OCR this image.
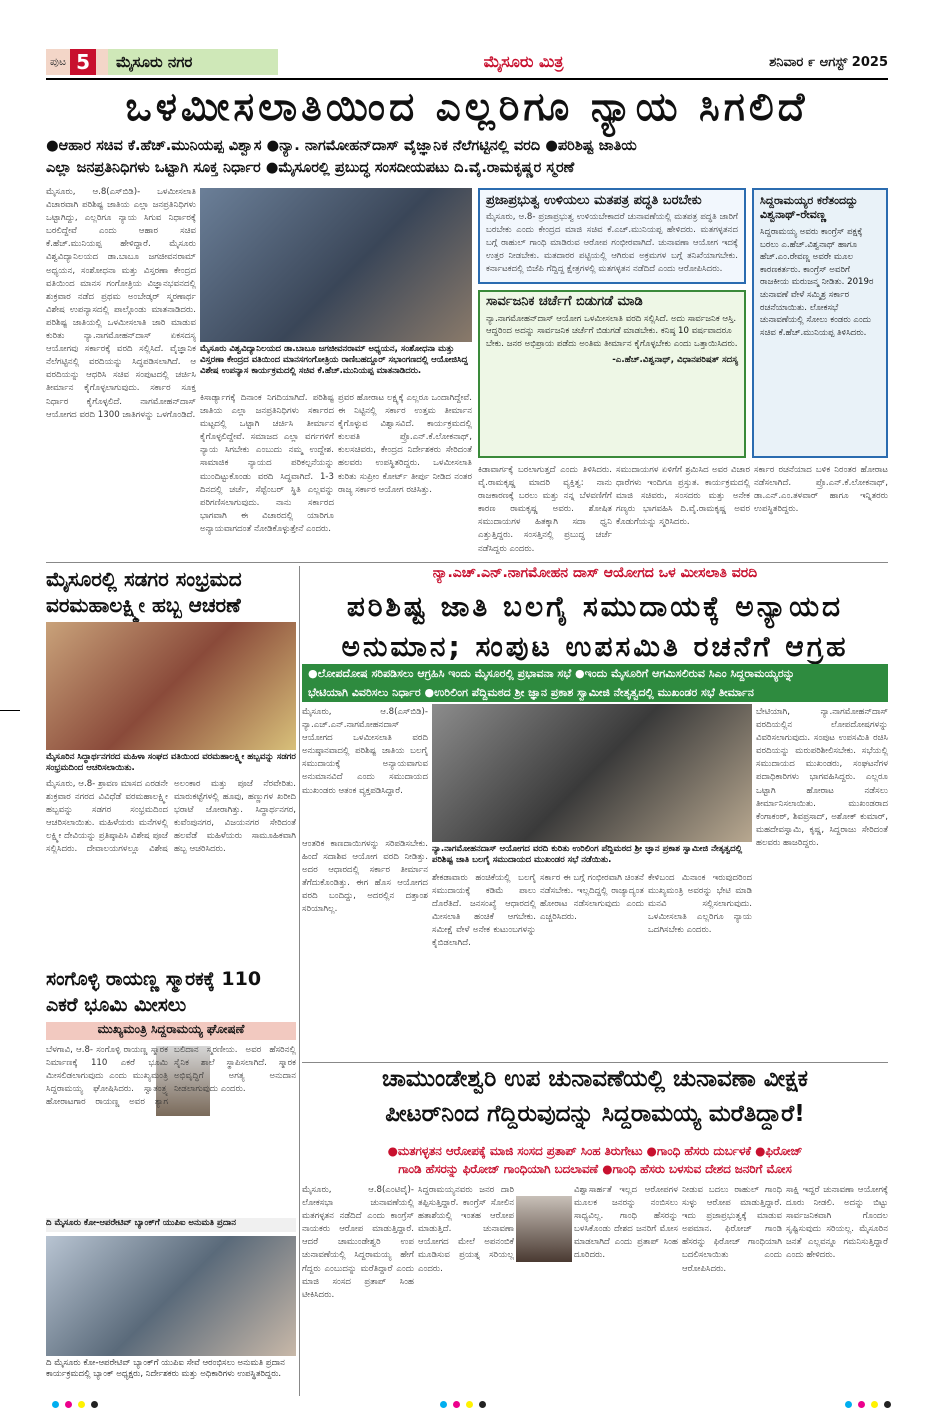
ಪುಟ 5	ಮೈಸೂರು ನಗರ	ಮೈಸೂರು ಮಿತ್ರ	ಶನಿವಾರ ೯ ಆಗಸ್ಟ್ 2025
ಒಳಮೀಸಲಾತಿಯಿಂದ ಎಲ್ಲರಿಗೂ ನ್ಯಾಯ ಸಿಗಲಿದೆ
●ಆಹಾರ ಸಚಿವ ಕೆ.ಹೆಚ್.ಮುನಿಯಪ್ಪ ವಿಶ್ವಾಸ ●ನ್ಯಾ. ನಾಗಮೋಹನ್‌ದಾಸ್ ವೈಜ್ಞಾನಿಕ ನೆಲೆಗಟ್ಟಿನಲ್ಲಿ ವರದಿ ●ಪರಿಶಿಷ್ಟ ಜಾತಿಯ
ಎಲ್ಲಾ ಜನಪ್ರತಿನಿಧಿಗಳು ಒಟ್ಟಾಗಿ ಸೂಕ್ತ ನಿರ್ಧಾರ ●ಮೈಸೂರಲ್ಲಿ ಪ್ರಬುದ್ಧ ಸಂಸದೀಯಪಟು ದಿ.ವೈ.ರಾಮಕೃಷ್ಣರ ಸ್ಮರಣೆ
ಮೈಸೂರು, ಆ.8(ಎಸ್‌ಬಿಡಿ)- ಒಳಮೀಸಲಾತಿ ವಿಚಾರವಾಗಿ ಪರಿಶಿಷ್ಟ ಜಾತಿಯ ಎಲ್ಲಾ ಜನಪ್ರತಿನಿಧಿಗಳು ಒಟ್ಟಾಗಿದ್ದು, ಎಲ್ಲರಿಗೂ ನ್ಯಾಯ ಸಿಗುವ ನಿರ್ಧಾರಕ್ಕೆ ಬರಲಿದ್ದೇವೆ ಎಂದು ಆಹಾರ ಸಚಿವ ಕೆ.ಹೆಚ್.ಮುನಿಯಪ್ಪ ಹೇಳಿದ್ದಾರೆ. ಮೈಸೂರು ವಿಶ್ವವಿದ್ಯಾನಿಲಯದ ಡಾ.ಬಾಬೂ ಜಗಜೀವನರಾಮ್ ಅಧ್ಯಯನ, ಸಂಶೋಧನಾ ಮತ್ತು ವಿಸ್ತರಣಾ ಕೇಂದ್ರದ ವತಿಯಿಂದ ಮಾನಸ ಗಂಗೋತ್ರಿಯ ವಿಜ್ಞಾನಭವನದಲ್ಲಿ ಶುಕ್ರವಾರ ನಡೆದ ಪ್ರಥಮ ಅಂಬೇಡ್ಕರ್ ಸ್ಮರಣಾರ್ಥ ವಿಶೇಷ ಉಪನ್ಯಾಸದಲ್ಲಿ ಪಾಲ್ಗೊಂಡು ಮಾತನಾಡಿದರು. ಪರಿಶಿಷ್ಟ ಜಾತಿಯಲ್ಲಿ ಒಳಮೀಸಲಾತಿ ಜಾರಿ ಮಾಡುವ ಕುರಿತು ನ್ಯಾ.ನಾಗಮೋಹನ್‌ದಾಸ್ ಏಕಸದಸ್ಯ ಆಯೋಗವು ಸರ್ಕಾರಕ್ಕೆ ವರದಿ ಸಲ್ಲಿಸಿದೆ. ವೈಜ್ಞಾನಿಕ ನೆಲೆಗಟ್ಟಿನಲ್ಲಿ ವರದಿಯನ್ನು ಸಿದ್ಧಪಡಿಸಲಾಗಿದೆ. ಆ ವರದಿಯನ್ನು ಆಧರಿಸಿ ಸಚಿವ ಸಂಪುಟದಲ್ಲಿ ಚರ್ಚಿಸಿ ತೀರ್ಮಾನ ಕೈಗೊಳ್ಳಲಾಗುವುದು. ಸರ್ಕಾರ ಸೂಕ್ತ ನಿರ್ಧಾರ ಕೈಗೊಳ್ಳಲಿದೆ. ನಾಗಮೋಹನ್‌ದಾಸ್ ಆಯೋಗದ ವರದಿ 1300 ಜಾತಿಗಳನ್ನು ಒಳಗೊಂಡಿದೆ.
ಮೈಸೂರು ವಿಶ್ವವಿದ್ಯಾನಿಲಯದ ಡಾ.ಬಾಬೂ ಜಗಜೀವನರಾಮ್ ಅಧ್ಯಯನ, ಸಂಶೋಧನಾ ಮತ್ತು ವಿಸ್ತರಣಾ ಕೇಂದ್ರದ ವತಿಯಿಂದ ಮಾನಸಗಂಗೋತ್ರಿಯ ರಾಣಿಬಹದ್ದೂರ್ ಸಭಾಂಗಣದಲ್ಲಿ ಆಯೋಜಿಸಿದ್ದ ವಿಶೇಷ ಉಪನ್ಯಾಸ ಕಾರ್ಯಕ್ರಮದಲ್ಲಿ ಸಚಿವ ಕೆ.ಹೆಚ್.ಮುನಿಯಪ್ಪ ಮಾತನಾಡಿದರು.
ಕಿಸಾರ್ಡ್ಯಾಗಕ್ಕೆ ದಿನಾಂಕ ನಿಗದಿಯಾಗಿದೆ. ಪರಿಶಿಷ್ಟ ಜಾತಿಯ ಎಲ್ಲಾ ಜನಪ್ರತಿನಿಧಿಗಳು ಸರ್ಕಾರದ ಮಟ್ಟದಲ್ಲಿ ಒಟ್ಟಾಗಿ ಚರ್ಚಿಸಿ ತೀರ್ಮಾನ ಕೈಗೊಳ್ಳಲಿದ್ದೇವೆ. ಸಮಾಜದ ಎಲ್ಲಾ ವರ್ಗಗಳಿಗೆ ನ್ಯಾಯ ಸಿಗಬೇಕು ಎಂಬುದು ನಮ್ಮ ಉದ್ದೇಶ. ಸಾಮಾಜಿಕ ನ್ಯಾಯದ ಪರಿಕಲ್ಪನೆಯನ್ನು ಮುಂದಿಟ್ಟುಕೊಂಡು ವರದಿ ಸಿದ್ಧವಾಗಿದೆ. 1-3 ದಿನದಲ್ಲಿ ಚರ್ಚೆ, ಸೆಪ್ಟೆಂಬರ್ ಸ್ಥಿತಿ ಎಲ್ಲವನ್ನು ಪರಿಗಣಿಸಲಾಗುವುದು. ನಾನು ಸರ್ಕಾರದ ಭಾಗವಾಗಿ ಈ ವಿಚಾರದಲ್ಲಿ ಯಾರಿಗೂ ಅನ್ಯಾಯವಾಗದಂತೆ ನೋಡಿಕೊಳ್ಳುತ್ತೇನೆ ಎಂದರು.
ಪ್ರವರ ಹೋರಾಟ ಲಕ್ಷ್ಯಕ್ಕೆ ಎಲ್ಲರೂ ಒಂದಾಗಿದ್ದೇವೆ. ಈ ನಿಟ್ಟಿನಲ್ಲಿ ಸರ್ಕಾರ ಉತ್ತಮ ತೀರ್ಮಾನ ಕೈಗೊಳ್ಳುವ ವಿಶ್ವಾಸವಿದೆ. ಕಾರ್ಯಕ್ರಮದಲ್ಲಿ ಕುಲಪತಿ ಪ್ರೊ.ಎನ್.ಕೆ.ಲೋಕನಾಥ್, ಕುಲಸಚಿವರು, ಕೇಂದ್ರದ ನಿರ್ದೇಶಕರು ಸೇರಿದಂತೆ ಹಲವರು ಉಪಸ್ಥಿತರಿದ್ದರು. ಒಳಮೀಸಲಾತಿ ಕುರಿತು ಸುಪ್ರೀಂ ಕೋರ್ಟ್ ತೀರ್ಪು ನೀಡಿದ ನಂತರ ರಾಜ್ಯ ಸರ್ಕಾರ ಆಯೋಗ ರಚಿಸಿತ್ತು.
ಪ್ರಜಾಪ್ರಭುತ್ವ ಉಳಿಯಲು ಮತಪತ್ರ ಪದ್ಧತಿ ಬರಬೇಕು
ಮೈಸೂರು, ಆ.8- ಪ್ರಜಾಪ್ರಭುತ್ವ ಉಳಿಯಬೇಕಾದರೆ ಚುನಾವಣೆಯಲ್ಲಿ ಮತಪತ್ರ ಪದ್ಧತಿ ಜಾರಿಗೆ ಬರಬೇಕು ಎಂದು ಕೇಂದ್ರದ ಮಾಜಿ ಸಚಿವ ಕೆ.ಎಚ್.ಮುನಿಯಪ್ಪ ಹೇಳಿದರು. ಮತಗಳ್ಳತನದ ಬಗ್ಗೆ ರಾಹುಲ್ ಗಾಂಧಿ ಮಾಡಿರುವ ಆರೋಪ ಗಂಭೀರವಾಗಿದೆ. ಚುನಾವಣಾ ಆಯೋಗ ಇದಕ್ಕೆ ಉತ್ತರ ನೀಡಬೇಕು. ಮತದಾರರ ಪಟ್ಟಿಯಲ್ಲಿ ಆಗಿರುವ ಅಕ್ರಮಗಳ ಬಗ್ಗೆ ತನಿಖೆಯಾಗಬೇಕು. ಕರ್ನಾಟಕದಲ್ಲಿ ಬಿಜೆಪಿ ಗೆದ್ದಿದ್ದ ಕ್ಷೇತ್ರಗಳಲ್ಲಿ ಮತಗಳ್ಳತನ ನಡೆದಿದೆ ಎಂದು ಆರೋಪಿಸಿದರು.
ಸಾರ್ವಜನಿಕ ಚರ್ಚೆಗೆ ಬಿಡುಗಡೆ ಮಾಡಿ
ನ್ಯಾ.ನಾಗಮೋಹನ್‌ದಾಸ್ ಆಯೋಗ ಒಳಮೀಸಲಾತಿ ವರದಿ ಸಲ್ಲಿಸಿದೆ. ಅದು ಸಾರ್ವಜನಿಕ ಆಸ್ತಿ. ಆದ್ದರಿಂದ ಅದನ್ನು ಸಾರ್ವಜನಿಕ ಚರ್ಚೆಗೆ ಬಿಡುಗಡೆ ಮಾಡಬೇಕು. ಕನಿಷ್ಠ 10 ವರ್ಷವಾದರೂ ಬೇಕು. ಜನರ ಅಭಿಪ್ರಾಯ ಪಡೆದು ಅಂತಿಮ ತೀರ್ಮಾನ ಕೈಗೊಳ್ಳಬೇಕು ಎಂದು ಒತ್ತಾಯಿಸಿದರು.
-ಎ.ಹೆಚ್.ವಿಶ್ವನಾಥ್, ವಿಧಾನಪರಿಷತ್ ಸದಸ್ಯ
ಸಿದ್ದರಾಮಯ್ಯರ ಕರೆತಂದದ್ದು ವಿಶ್ವನಾಥ್-ರೇವಣ್ಣ
ಸಿದ್ದರಾಮಯ್ಯ ಅವರು ಕಾಂಗ್ರೆಸ್ ಪಕ್ಷಕ್ಕೆ ಬರಲು ಎ.ಹೆಚ್.ವಿಶ್ವನಾಥ್ ಹಾಗೂ ಹೆಚ್.ಎಂ.ರೇವಣ್ಣ ಅವರೇ ಮೂಲ ಕಾರಣಕರ್ತರು. ಕಾಂಗ್ರೆಸ್ ಅವರಿಗೆ ರಾಜಕೀಯ ಮರುಜನ್ಮ ನೀಡಿತು. 2019ರ ಚುನಾವಣೆ ವೇಳೆ ಸಮ್ಮಿಶ್ರ ಸರ್ಕಾರ ರಚನೆಯಾಯಿತು. ಲೋಕಸಭೆ ಚುನಾವಣೆಯಲ್ಲಿ ಸೋಲು ಕಂಡರು ಎಂದು ಸಚಿವ ಕೆ.ಹೆಚ್.ಮುನಿಯಪ್ಪ ತಿಳಿಸಿದರು.
ಕಿಡಾವಾರ್ಗಕ್ಕೆ ಬರಲಾಗುತ್ತದೆ ಎಂದು ತಿಳಿಸಿದರು. ವೈ.ರಾಮಕೃಷ್ಣ ಮಾದರಿ ವ್ಯಕ್ತಿತ್ವ: ನಾನು ರಾಜಕಾರಣಕ್ಕೆ ಬರಲು ಮತ್ತು ನನ್ನ ಬೆಳವಣಿಗೆಗೆ ಕಾರಣ ರಾಮಕೃಷ್ಣ ಅವರು. ಶೋಷಿತ ಸಮುದಾಯಗಳ ಹಿತಕ್ಕಾಗಿ ಸದಾ ಧ್ವನಿ ಎತ್ತುತ್ತಿದ್ದರು. ಸಂಸತ್ತಿನಲ್ಲಿ ಪ್ರಬುದ್ಧ ಚರ್ಚೆ ನಡೆಸಿದ್ದರು ಎಂದರು.
ಸಮುದಾಯಗಳ ಏಳಿಗೆಗೆ ಶ್ರಮಿಸಿದ ಅವರ ವಿಚಾರ ಧಾರೆಗಳು ಇಂದಿಗೂ ಪ್ರಸ್ತುತ. ಕಾರ್ಯಕ್ರಮದಲ್ಲಿ ಮಾಜಿ ಸಚಿವರು, ಸಂಸದರು ಮತ್ತು ಅನೇಕ ಗಣ್ಯರು ಭಾಗವಹಿಸಿ ದಿ.ವೈ.ರಾಮಕೃಷ್ಣ ಅವರ ಕೊಡುಗೆಯನ್ನು ಸ್ಮರಿಸಿದರು.
ಸರ್ಕಾರ ರಚನೆಯಾದ ಬಳಿಕ ನಿರಂತರ ಹೋರಾಟ ನಡೆಸಲಾಗಿದೆ. ಪ್ರೊ.ಎನ್.ಕೆ.ಲೋಕನಾಥ್, ಡಾ.ಎನ್.ಎಂ.ತಳವಾರ್ ಹಾಗೂ ಇನ್ನಿತರರು ಉಪಸ್ಥಿತರಿದ್ದರು.
ಮೈಸೂರಲ್ಲಿ ಸಡಗರ ಸಂಭ್ರಮದ ವರಮಹಾಲಕ್ಷ್ಮೀ ಹಬ್ಬ ಆಚರಣೆ
ಮೈಸೂರಿನ ಸಿದ್ಧಾರ್ಥನಗರದ ಮಹಿಳಾ ಸಂಘದ ವತಿಯಿಂದ ವರಮಹಾಲಕ್ಷ್ಮೀ ಹಬ್ಬವನ್ನು ಸಡಗರ ಸಂಭ್ರಮದಿಂದ ಆಚರಿಸಲಾಯಿತು.
ಮೈಸೂರು, ಆ.8- ಶ್ರಾವಣ ಮಾಸದ ಎರಡನೇ ಶುಕ್ರವಾರ ನಗರದ ವಿವಿಧೆಡೆ ವರಮಹಾಲಕ್ಷ್ಮೀ ಹಬ್ಬವನ್ನು ಸಡಗರ ಸಂಭ್ರಮದಿಂದ ಆಚರಿಸಲಾಯಿತು. ಮಹಿಳೆಯರು ಮನೆಗಳಲ್ಲಿ ಲಕ್ಷ್ಮೀ ದೇವಿಯನ್ನು ಪ್ರತಿಷ್ಠಾಪಿಸಿ ವಿಶೇಷ ಪೂಜೆ ಸಲ್ಲಿಸಿದರು. ದೇವಾಲಯಗಳಲ್ಲೂ ವಿಶೇಷ ಅಲಂಕಾರ ಮತ್ತು ಪೂಜೆ ನೆರವೇರಿತು. ಮಾರುಕಟ್ಟೆಗಳಲ್ಲಿ ಹೂವು, ಹಣ್ಣುಗಳ ಖರೀದಿ ಭರಾಟೆ ಜೋರಾಗಿತ್ತು. ಸಿದ್ಧಾರ್ಥನಗರ, ಕುವೆಂಪುನಗರ, ವಿಜಯನಗರ ಸೇರಿದಂತೆ ಹಲವೆಡೆ ಮಹಿಳೆಯರು ಸಾಮೂಹಿಕವಾಗಿ ಹಬ್ಬ ಆಚರಿಸಿದರು.
ಸಂಗೊಳ್ಳಿ ರಾಯಣ್ಣ ಸ್ಮಾರಕಕ್ಕೆ 110 ಎಕರೆ ಭೂಮಿ ಮೀಸಲು
ಮುಖ್ಯಮಂತ್ರಿ ಸಿದ್ದರಾಮಯ್ಯ ಘೋಷಣೆ
ಬೆಳಗಾವಿ, ಆ.8- ಸಂಗೊಳ್ಳಿ ರಾಯಣ್ಣ ಸ್ಮಾರಕ ನಿರ್ಮಾಣಕ್ಕೆ 110 ಎಕರೆ ಭೂಮಿ ಮೀಸಲಿಡಲಾಗುವುದು ಎಂದು ಮುಖ್ಯಮಂತ್ರಿ ಸಿದ್ದರಾಮಯ್ಯ ಘೋಷಿಸಿದರು. ಸ್ವಾತಂತ್ರ್ಯ ಹೋರಾಟಗಾರ ರಾಯಣ್ಣ ಅವರ ತ್ಯಾಗ ಬಲಿದಾನ ಸ್ಮರಣೀಯ. ಅವರ ಹೆಸರಿನಲ್ಲಿ ಸೈನಿಕ ಶಾಲೆ ಸ್ಥಾಪಿಸಲಾಗಿದೆ. ಸ್ಮಾರಕ ಅಭಿವೃದ್ಧಿಗೆ ಅಗತ್ಯ ಅನುದಾನ ನೀಡಲಾಗುವುದು ಎಂದರು.
ದಿ ಮೈಸೂರು ಕೋ-ಆಪರೇಟಿವ್ ಬ್ಯಾಂಕ್‌ಗೆ ಯುಪಿಐ ಅನುಮತಿ ಪ್ರದಾನ
ದಿ ಮೈಸೂರು ಕೋ-ಆಪರೇಟಿವ್ ಬ್ಯಾಂಕ್‌ಗೆ ಯುಪಿಐ ಸೇವೆ ಆರಂಭಿಸಲು ಅನುಮತಿ ಪ್ರದಾನ ಕಾರ್ಯಕ್ರಮದಲ್ಲಿ ಬ್ಯಾಂಕ್ ಅಧ್ಯಕ್ಷರು, ನಿರ್ದೇಶಕರು ಮತ್ತು ಅಧಿಕಾರಿಗಳು ಉಪಸ್ಥಿತರಿದ್ದರು.
ನ್ಯಾ.ಎಚ್.ಎನ್.ನಾಗಮೋಹನ ದಾಸ್ ಆಯೋಗದ ಒಳ ಮೀಸಲಾತಿ ವರದಿ
ಪರಿಶಿಷ್ಟ ಜಾತಿ ಬಲಗೈ ಸಮುದಾಯಕ್ಕೆ ಅನ್ಯಾಯದ
ಅನುಮಾನ; ಸಂಪುಟ ಉಪಸಮಿತಿ ರಚನೆಗೆ ಆಗ್ರಹ
●ಲೋಪದೋಷ ಸರಿಪಡಿಸಲು ಆಗ್ರಹಿಸಿ ಇಂದು ಮೈಸೂರಲ್ಲಿ ಪ್ರಭಾವನಾ ಸಭೆ ●ಇಂದು ಮೈಸೂರಿಗೆ ಆಗಮಿಸಲಿರುವ ಸಿಎಂ ಸಿದ್ದರಾಮಯ್ಯರನ್ನು
ಭೇಟಿಯಾಗಿ ವಿವರಿಸಲು ನಿರ್ಧಾರ ●ಉರಿಲಿಂಗ ಪೆದ್ದಿಮಠದ ಶ್ರೀ ಜ್ಞಾನ ಪ್ರಕಾಶ ಸ್ವಾಮೀಜಿ ನೇತೃತ್ವದಲ್ಲಿ ಮುಖಂಡರ ಸಭೆ ತೀರ್ಮಾನ
ಮೈಸೂರು, ಆ.8(ಎಸ್‌ಬಿಡಿ)- ನ್ಯಾ.ಎಚ್.ಎನ್.ನಾಗಮೋಹನದಾಸ್ ಆಯೋಗದ ಒಳಮೀಸಲಾತಿ ವರದಿ ಅನುಷ್ಠಾನವಾದಲ್ಲಿ ಪರಿಶಿಷ್ಟ ಜಾತಿಯ ಬಲಗೈ ಸಮುದಾಯಕ್ಕೆ ಅನ್ಯಾಯವಾಗುವ ಅನುಮಾನವಿದೆ ಎಂದು ಸಮುದಾಯದ ಮುಖಂಡರು ಆತಂಕ ವ್ಯಕ್ತಪಡಿಸಿದ್ದಾರೆ.
ನ್ಯಾ.ನಾಗಮೋಹನದಾಸ್ ಆಯೋಗದ ವರದಿ ಕುರಿತು ಉರಿಲಿಂಗ ಪೆದ್ದಿಮಠದ ಶ್ರೀ ಜ್ಞಾನ ಪ್ರಕಾಶ ಸ್ವಾಮೀಜಿ ನೇತೃತ್ವದಲ್ಲಿ ಪರಿಶಿಷ್ಟ ಜಾತಿ ಬಲಗೈ ಸಮುದಾಯದ ಮುಖಂಡರ ಸಭೆ ನಡೆಯಿತು.
ಬೇಟಿಯಾಗಿ, ನ್ಯಾ.ನಾಗಮೋಹನ್‌ದಾಸ್ ವರದಿಯಲ್ಲಿನ ಲೋಪದೋಷಗಳನ್ನು ವಿವರಿಸಲಾಗುವುದು. ಸಂಪುಟ ಉಪಸಮಿತಿ ರಚಿಸಿ ವರದಿಯನ್ನು ಮರುಪರಿಶೀಲಿಸಬೇಕು. ಸಭೆಯಲ್ಲಿ ಸಮುದಾಯದ ಮುಖಂಡರು, ಸಂಘಟನೆಗಳ ಪದಾಧಿಕಾರಿಗಳು ಭಾಗವಹಿಸಿದ್ದರು. ಎಲ್ಲರೂ ಒಟ್ಟಾಗಿ ಹೋರಾಟ ನಡೆಸಲು ತೀರ್ಮಾನಿಸಲಾಯಿತು. ಮುಖಂಡರಾದ ಕೆಂಗಾಕಂಠ್, ಶಿವಪ್ರಸಾದ್, ಅಶೋಕ್ ಕುಮಾರ್, ಮಹದೇವಸ್ವಾಮಿ, ಕೃಷ್ಣ, ಸಿದ್ದರಾಜು ಸೇರಿದಂತೆ ಹಲವರು ಹಾಜರಿದ್ದರು.
ಆಂತರಿಕ ಕಾಣದಾಯಿಗಳನ್ನು ಸರಿಪಡಿಸಬೇಕು. ಹಿಂದೆ ಸದಾಶಿವ ಆಯೋಗ ವರದಿ ನೀಡಿತ್ತು. ಅದರ ಆಧಾರದಲ್ಲಿ ಸರ್ಕಾರ ತೀರ್ಮಾನ ತೆಗೆದುಕೊಂಡಿತ್ತು. ಈಗ ಹೊಸ ಆಯೋಗದ ವರದಿ ಬಂದಿದ್ದು, ಅದರಲ್ಲಿನ ದತ್ತಾಂಶ ಸರಿಯಾಗಿಲ್ಲ.
ಶೇಕಡಾವಾರು ಹಂಚಿಕೆಯಲ್ಲಿ ಬಲಗೈ ಸಮುದಾಯಕ್ಕೆ ಕಡಿಮೆ ಪಾಲು ದೊರೆತಿದೆ. ಜನಸಂಖ್ಯೆ ಆಧಾರದಲ್ಲಿ ಮೀಸಲಾತಿ ಹಂಚಿಕೆ ಆಗಬೇಕು. ಸಮೀಕ್ಷೆ ವೇಳೆ ಅನೇಕ ಕುಟುಂಬಗಳನ್ನು ಕೈಬಿಡಲಾಗಿದೆ.
ಸರ್ಕಾರ ಈ ಬಗ್ಗೆ ಗಂಭೀರವಾಗಿ ಚಿಂತನೆ ನಡೆಸಬೇಕು. ಇಲ್ಲದಿದ್ದಲ್ಲಿ ರಾಜ್ಯಾದ್ಯಂತ ಹೋರಾಟ ನಡೆಸಲಾಗುವುದು ಎಂದು ಎಚ್ಚರಿಸಿದರು.
ಕೇಳಿಬಂದ ಮಿನಾಂಕ ಇರುವುದರಿಂದ ಮುಖ್ಯಮಂತ್ರಿ ಅವರನ್ನು ಭೇಟಿ ಮಾಡಿ ಮನವಿ ಸಲ್ಲಿಸಲಾಗುವುದು. ಒಳಮೀಸಲಾತಿ ಎಲ್ಲರಿಗೂ ನ್ಯಾಯ ಒದಗಿಸಬೇಕು ಎಂದರು.
ಚಾಮುಂಡೇಶ್ವರಿ ಉಪ ಚುನಾವಣೆಯಲ್ಲಿ ಚುನಾವಣಾ ವೀಕ್ಷಕ
ಪೀಟರ್‌ನಿಂದ ಗೆದ್ದಿರುವುದನ್ನು ಸಿದ್ದರಾಮಯ್ಯ ಮರೆತಿದ್ದಾರೆ!
●ಮತಗಳ್ಳತನ ಆರೋಪಕ್ಕೆ ಮಾಜಿ ಸಂಸದ ಪ್ರತಾಪ್ ಸಿಂಹ ತಿರುಗೇಟು ●ಗಾಂಧಿ ಹೆಸರು ದುರ್ಬಳಕೆ ●ಫಿರೋಜ್
ಗಾಂಡಿ ಹೆಸರನ್ನು ಫಿರೋಜ್ ಗಾಂಧಿಯಾಗಿ ಬದಲಾವಣೆ ●ಗಾಂಧಿ ಹೆಸರು ಬಳಸುವ ದೇಶದ ಜನರಿಗೆ ಮೋಸ
ಮೈಸೂರು, ಆ.8(ಎಂಟಿವೈ)- ಲೋಕಸಭಾ ಚುನಾವಣೆಯಲ್ಲಿ ಮತಗಳ್ಳತನ ನಡೆದಿದೆ ಎಂದು ಕಾಂಗ್ರೆಸ್ ನಾಯಕರು ಆರೋಪ ಮಾಡುತ್ತಿದ್ದಾರೆ. ಆದರೆ ಚಾಮುಂಡೇಶ್ವರಿ ಉಪ ಚುನಾವಣೆಯಲ್ಲಿ ಸಿದ್ದರಾಮಯ್ಯ ಹೇಗೆ ಗೆದ್ದರು ಎಂಬುದನ್ನು ಮರೆತಿದ್ದಾರೆ ಎಂದು ಮಾಜಿ ಸಂಸದ ಪ್ರತಾಪ್ ಸಿಂಹ ಟೀಕಿಸಿದರು.
ಸಿದ್ದರಾಮಯ್ಯನವರು ಜನರ ದಾರಿ ತಪ್ಪಿಸುತ್ತಿದ್ದಾರೆ. ಕಾಂಗ್ರೆಸ್ ಸೋಲಿನ ಹತಾಶೆಯಲ್ಲಿ ಇಂತಹ ಆರೋಪ ಮಾಡುತ್ತಿದೆ. ಚುನಾವಣಾ ಆಯೋಗದ ಮೇಲೆ ಅಪನಂಬಿಕೆ ಮೂಡಿಸುವ ಪ್ರಯತ್ನ ಸರಿಯಲ್ಲ ಎಂದರು.
ವಿಶ್ವಾಸಾರ್ಹತೆ ಇಲ್ಲದ ಆರೋಪಗಳ ಮೂಲಕ ಜನರನ್ನು ನಂಬಿಸಲು ಸಾಧ್ಯವಿಲ್ಲ. ಗಾಂಧಿ ಹೆಸರನ್ನು ಬಳಸಿಕೊಂಡು ದೇಶದ ಜನರಿಗೆ ಮೋಸ ಮಾಡಲಾಗಿದೆ ಎಂದು ಪ್ರತಾಪ್ ಸಿಂಹ ದೂರಿದರು.
ನೀಡುವ ಬದಲು ರಾಹುಲ್ ಗಾಂಧಿ ಸುಳ್ಳು ಆರೋಪ ಮಾಡುತ್ತಿದ್ದಾರೆ. ಇದು ಪ್ರಜಾಪ್ರಭುತ್ವಕ್ಕೆ ಮಾಡುವ ಅಪಮಾನ. ಫಿರೋಜ್ ಗಾಂಡಿ ಹೆಸರನ್ನು ಫಿರೋಜ್ ಗಾಂಧಿಯಾಗಿ ಬದಲಿಸಲಾಯಿತು ಎಂದು ಆರೋಪಿಸಿದರು.
ಸಾಕ್ಷಿ ಇದ್ದರೆ ಚುನಾವಣಾ ಆಯೋಗಕ್ಕೆ ದೂರು ನೀಡಲಿ. ಅದನ್ನು ಬಿಟ್ಟು ಸಾರ್ವಜನಿಕವಾಗಿ ಗೊಂದಲ ಸೃಷ್ಟಿಸುವುದು ಸರಿಯಲ್ಲ. ಮೈಸೂರಿನ ಜನತೆ ಎಲ್ಲವನ್ನೂ ಗಮನಿಸುತ್ತಿದ್ದಾರೆ ಎಂದು ಹೇಳಿದರು.
